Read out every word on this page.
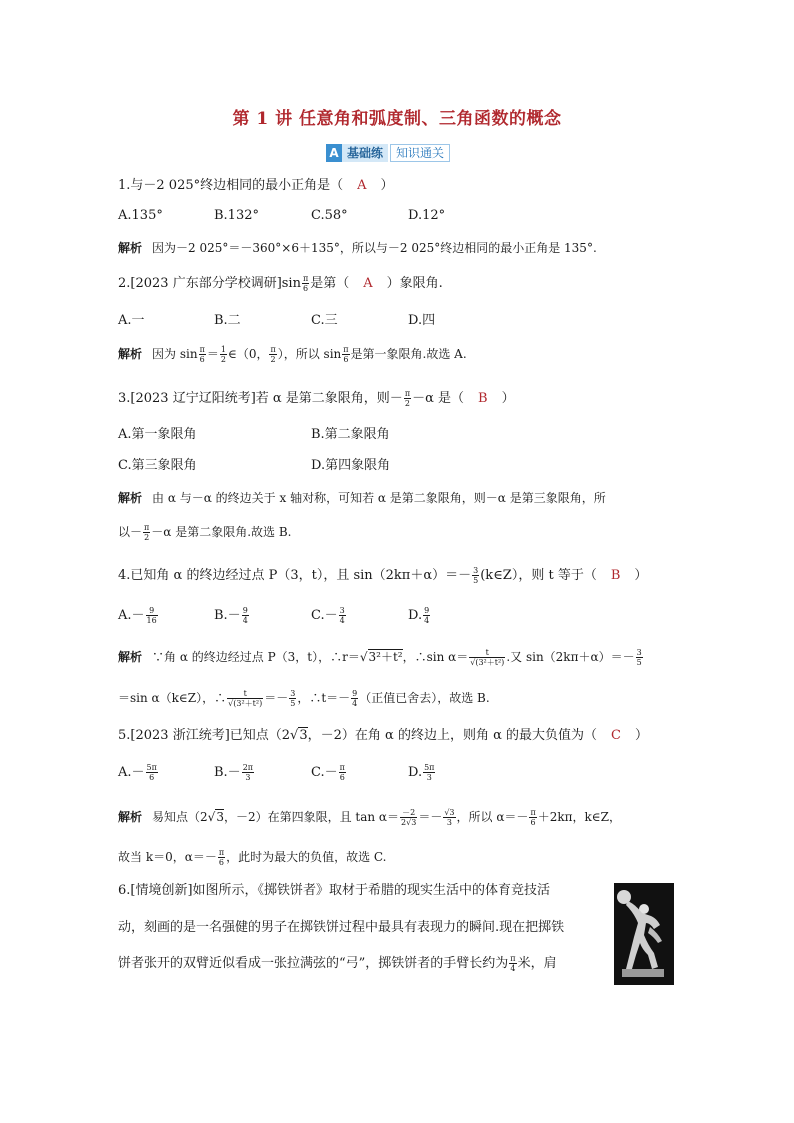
第 1 讲 任意角和弧度制、三角函数的概念
A 基础练	知识通关
1.与－2 025°终边相同的最小正角是（ A ）
A.135°	B.132°	C.58°	D.12°
解析 因为－2 025°＝－360°×6＋135°，所以与－2 025°终边相同的最小正角是 135°.
2.[2023 广东部分学校调研]$\sin \frac{\pi}{6}$ 是第（ A ）象限角.
A.一	B.二	C.三	D.四
解析 因为 $\sin \frac{\pi}{6} = \frac{1}{2}$ ∈（0， $\frac{\pi}{2}$ ），所以 $\sin \frac{\pi}{6}$ 是第一象限角.故选 A.
3.[2023 辽宁辽阳统考]若 α 是第二象限角，则－ $\frac{\pi}{2} -\alpha$ 是（ B ）
A.第一象限角	B.第二象限角
C.第三象限角	D.第四象限角
解析 由 α 与－α 的终边关于 x 轴对称，可知若 α 是第二象限角，则－α 是第三象限角，所
以－ $\frac{\pi}{2} -\alpha$ 是第二象限角.故选 B.
4.已知角 α 的终边经过点 P（3，t），且 $\sin(2k\pi+\alpha)=- \frac{3}{5}$ (k∈Z），则 t 等于（ B ）
$A.- \frac{9}{16}$	$B.- \frac{9}{4}$	$C.- \frac{3}{4}$	D. $\frac{9}{4}$
解析 ∵角 α 的终边经过点 P（3，t），∴r＝√3²＋t²，∴sin $\alpha= \frac{t}{\text{√(3²＋t²)}}$ .又 $\sin(2k\pi+\alpha)=- \frac{3}{5}$
＝sin α（k∈Z），∴ $\frac{t}{\text{√(3²＋t²)}} =- \frac{3}{5}$ ，∴t＝－ $\frac{9}{4}$ （正值已舍去），故选 B.
5.[2023 浙江统考]已知点（2√3，－2）在角 α 的终边上，则角 α 的最大负值为（ C ）
$A.- \frac{5\pi}{6}$	$B.- \frac{2\pi}{3}$	$C.- \frac{\pi}{6}$	D. $\frac{5\pi}{3}$
解析 易知点（2√3，－2）在第四象限，且 $\tan \alpha= \frac{-2}{2√3} =- \frac{√3}{3}$ ，所以 $\alpha=- \frac{\pi}{6} +2k\pi$，k∈Z，
故当 k＝0，$\alpha=- \frac{\pi}{6}$ ，此时为最大的负值，故选 C.
6.[情境创新]如图所示，《掷铁饼者》取材于希腊的现实生活中的体育竞技活
动，刻画的是一名强健的男子在掷铁饼过程中最具有表现力的瞬间.现在把掷铁
饼者张开的双臂近似看成一张拉满弦的“弓”，掷铁饼者的手臂长约为 $\frac{\pi}{4}$ 米，肩
